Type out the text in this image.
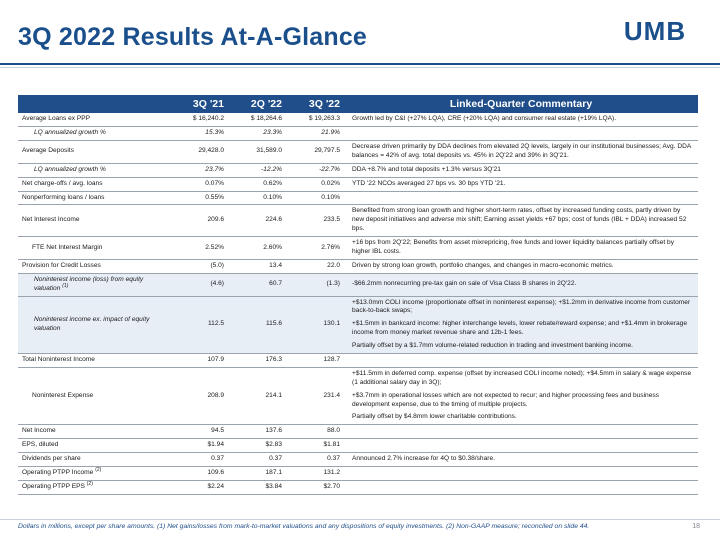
3Q 2022 Results At-A-Glance	UMB
	3Q '21	2Q '22	3Q '22	Linked-Quarter Commentary
Average Loans ex PPP	$ 16,240.2	$ 18,264.6	$ 19,263.3	Growth led by C&I (+27% LQA), CRE (+20% LQA) and consumer real estate (+19% LQA).

LQ annualized growth %	15.3%	23.3%	21.9%	
Average Deposits	29,428.0	31,589.0	29,797.5	Decrease driven primarily by DDA declines from elevated 2Q levels, largely in our institutional businesses; Avg. DDA balances = 42% of avg. total deposits vs. 45% in 2Q'22 and 39% in 3Q'21.

LQ annualized growth %	23.7%	-12.2%	-22.7%	DDA +8.7% and total deposits +1.3% versus 3Q'21

Net charge-offs / avg. loans	0.07%	0.62%	0.02%	YTD '22 NCOs averaged 27 bps vs. 30 bps YTD '21.

Nonperforming loans / loans	0.55%	0.10%	0.10%	
Net Interest Income	209.6	224.6	233.5	Benefited from strong loan growth and higher short-term rates, offset by increased funding costs, partly driven by new deposit initiatives and adverse mix shift; Earning asset yields +67 bps; cost of funds (IBL + DDA) increased 52 bps.

FTE Net Interest Margin	2.52%	2.60%	2.76%	+16 bps from 2Q'22; Benefits from asset mixrepricing, free funds and lower liquidity balances partially offset by higher IBL costs.

Provision for Credit Losses	(5.0)	13.4	22.0	Driven by strong loan growth, portfolio changes, and changes in macro-economic metrics.

Noninterest income (loss) from equity valuation $^{(1)}$	(4.6)	60.7	(1.3)	-$66.2mm nonrecurring pre-tax gain on sale of Visa Class B shares in 2Q'22.

Noninterest income ex. impact of equity valuation	112.5	115.6	130.1	+$13.0mm COLI income (proportionate offset in noninterest expense); +$1.2mm in derivative income from customer back-to-back swaps;

+$1.5mm in bankcard income: higher interchange levels, lower rebate/reward expense; and +$1.4mm in brokerage income from money market revenue share and 12b-1 fees.

Partially offset by a $1.7mm volume-related reduction in trading and investment banking income.

Total Noninterest Income	107.9	176.3	128.7	
Noninterest Expense	208.9	214.1	231.4	+$11.5mm in deferred comp. expense (offset by increased COLI income noted); +$4.5mm in salary & wage expense (1 additional salary day in 3Q);

+$3.7mm in operational losses which are not expected to recur; and higher processing fees and business development expense, due to the timing of multiple projects.

Partially offset by $4.8mm lower charitable contributions.

Net Income	94.5	137.6	88.0	
EPS, diluted	$1.94	$2.83	$1.81	
Dividends per share	0.37	0.37	0.37	Announced 2.7% increase for 4Q to $0.38/share.

Operating PTPP Income $^{(2)}$	109.6	187.1	131.2	
Operating PTPP EPS $^{(2)}$	$2.24	$3.84	$2.70	
Dollars in millions, except per share amounts. (1) Net gains/losses from mark-to-market valuations and any dispositions of equity investments. (2) Non-GAAP measure; reconciled on slide 44.	18
